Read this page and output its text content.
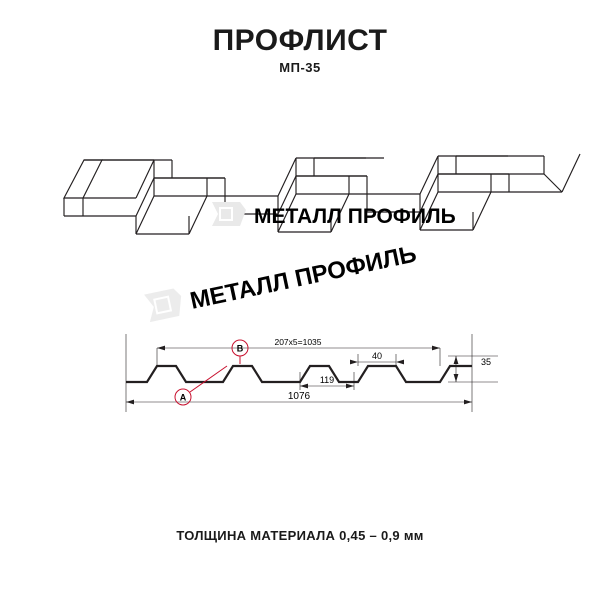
ПРОФЛИСТ
МП-35
МЕТАЛЛ ПРОФИЛЬ
МЕТАЛЛ ПРОФИЛЬ
А
В
207х5=1035
1076
119
40
35
ТОЛЩИНА МАТЕРИАЛА 0,45 – 0,9 мм
